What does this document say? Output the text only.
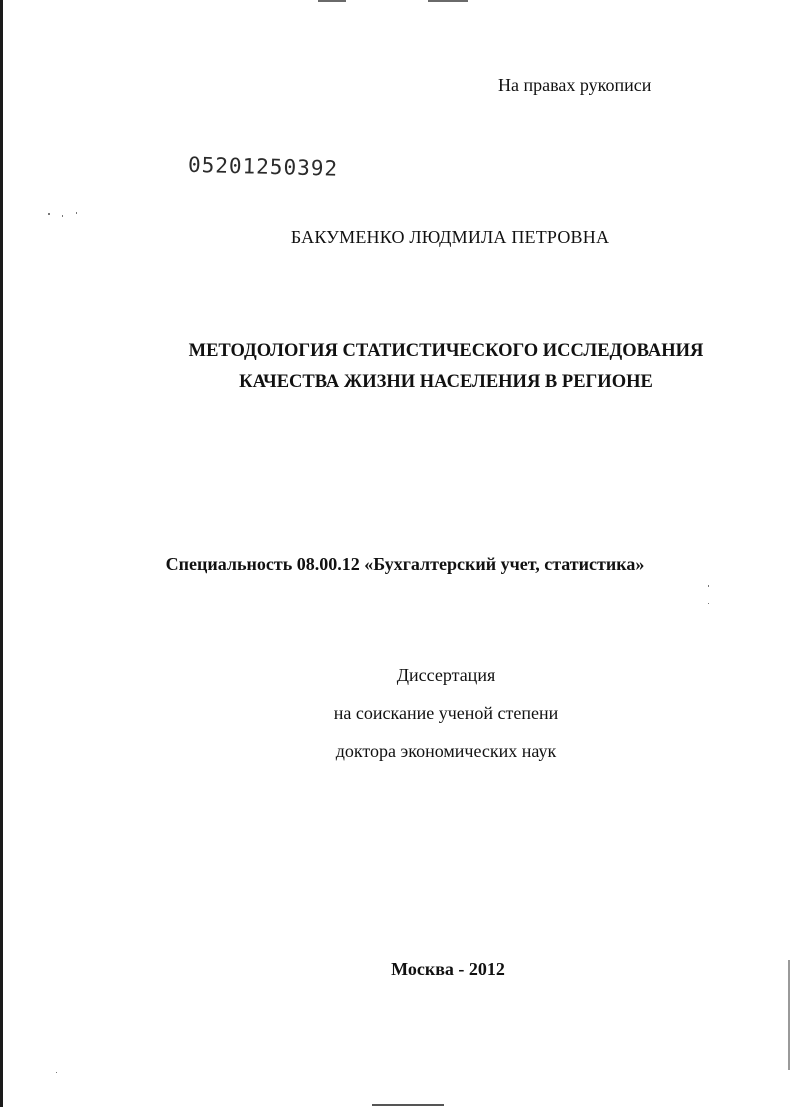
На правах рукописи
05201250392
БАКУМЕНКО ЛЮДМИЛА ПЕТРОВНА
МЕТОДОЛОГИЯ СТАТИСТИЧЕСКОГО ИССЛЕДОВАНИЯ
КАЧЕСТВА ЖИЗНИ НАСЕЛЕНИЯ В РЕГИОНЕ
Специальность 08.00.12 «Бухгалтерский учет, статистика»
Диссертация
на соискание ученой степени
доктора экономических наук
Москва - 2012
